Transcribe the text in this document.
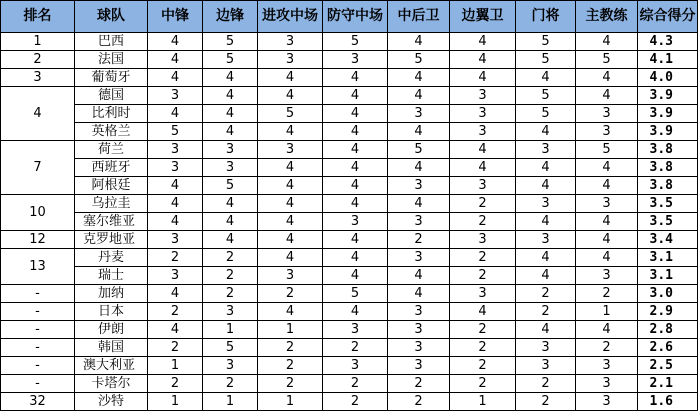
排名	球队	中锋	边锋	进攻中场	防守中场	中后卫	边翼卫	门将	主教练	综合得分
1	巴西	4	5	3	5	4	4	5	4	4.3
2	法国	4	5	3	3	5	4	5	5	4.1
3	葡萄牙	4	4	4	4	4	4	4	4	4.0
4	德国	3	4	4	4	4	3	5	4	3.9
	比利时	4	4	5	4	3	3	5	3	3.9
	英格兰	5	4	4	4	4	3	4	3	3.9
7	荷兰	3	3	3	4	5	4	3	5	3.8
	西班牙	3	3	4	4	4	4	4	4	3.8
	阿根廷	4	5	4	4	3	3	4	4	3.8
10	乌拉圭	4	4	4	4	4	2	3	3	3.5
	塞尔维亚	4	4	4	3	3	2	4	4	3.5
12	克罗地亚	3	4	4	4	2	3	3	4	3.4
13	丹麦	2	2	4	4	3	2	4	4	3.1
	瑞士	3	2	3	4	4	2	4	3	3.1
-	加纳	4	2	2	5	4	3	2	2	3.0
-	日本	2	3	4	4	3	4	2	1	2.9
-	伊朗	4	1	1	3	3	2	4	4	2.8
-	韩国	2	5	2	2	3	2	3	2	2.6
-	澳大利亚	1	3	2	3	3	2	3	3	2.5
-	卡塔尔	2	2	2	2	2	2	2	3	2.1
32	沙特	1	1	1	2	2	1	2	3	1.6
